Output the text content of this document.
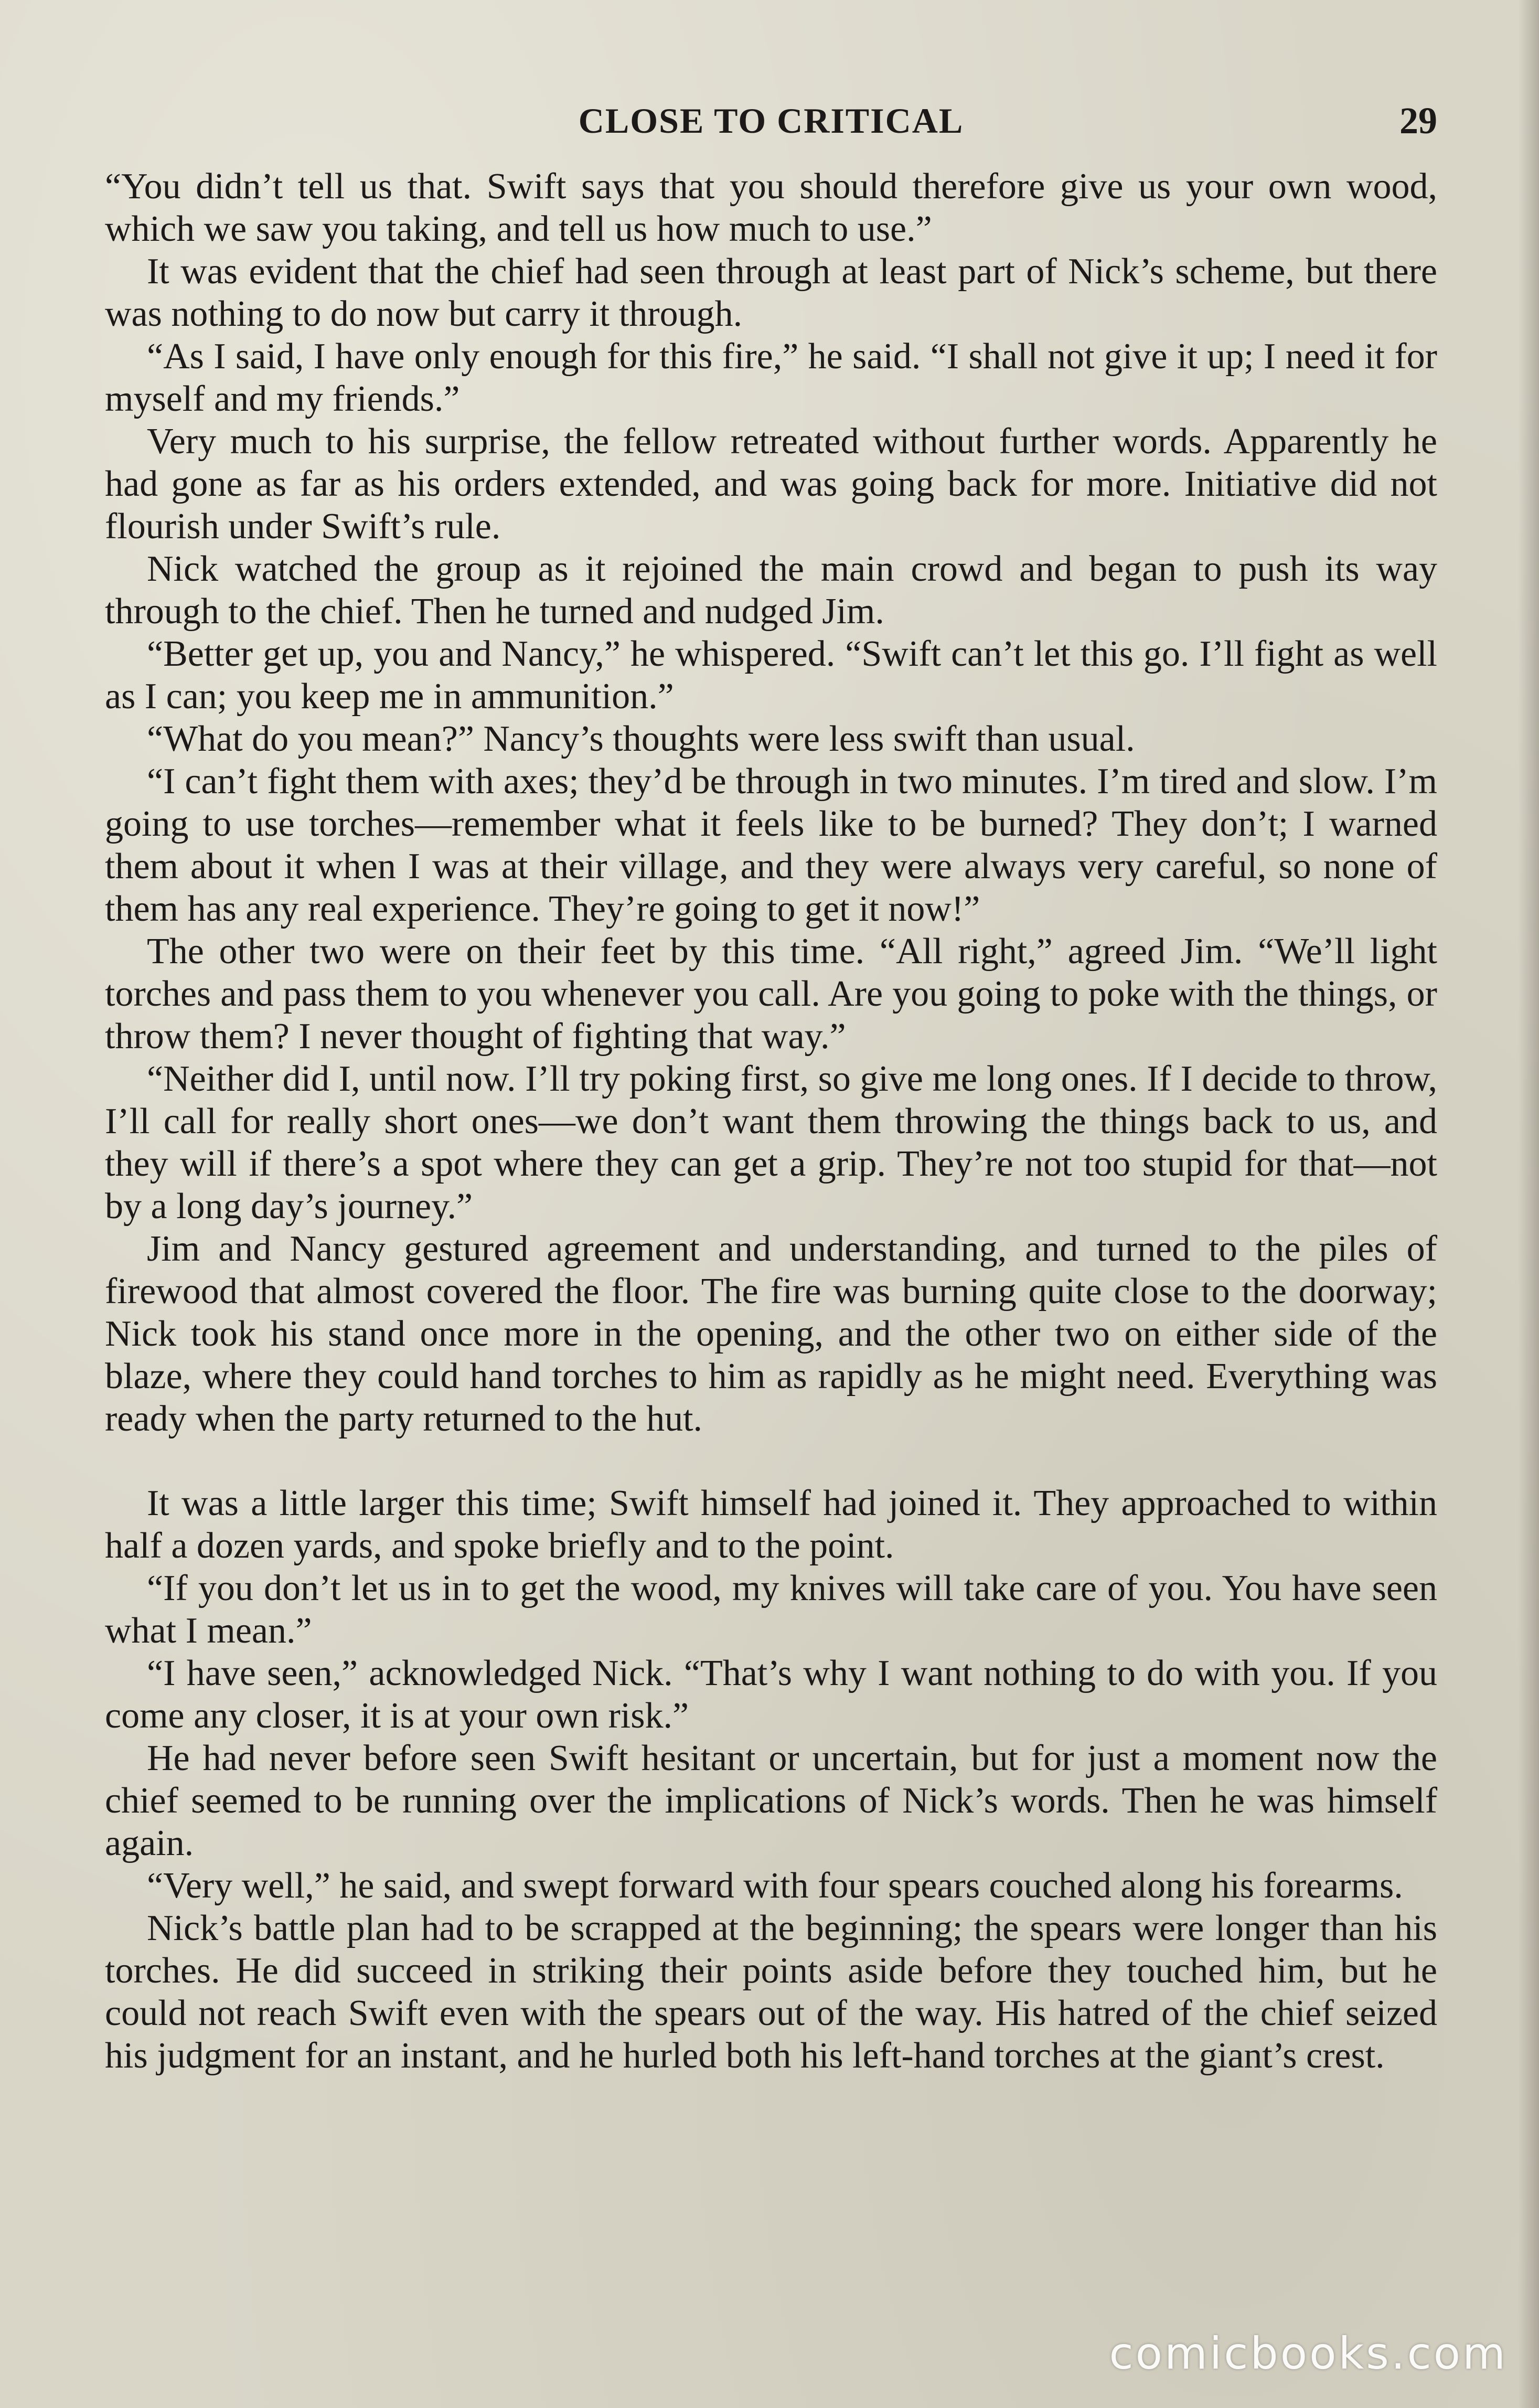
CLOSE TO CRITICAL	29

“You didn’t tell us that. Swift says that you should therefore give us your own wood, which we saw you taking, and tell us how much to use.”

It was evident that the chief had seen through at least part of Nick’s scheme, but there was nothing to do now but carry it through.

“As I said, I have only enough for this fire,” he said. “I shall not give it up; I need it for myself and my friends.”

Very much to his surprise, the fellow retreated without further words. Apparently he had gone as far as his orders extended, and was going back for more. Initiative did not flourish under Swift’s rule.

Nick watched the group as it rejoined the main crowd and began to push its way through to the chief. Then he turned and nudged Jim.

“Better get up, you and Nancy,” he whispered. “Swift can’t let this go. I’ll fight as well as I can; you keep me in ammunition.”

“What do you mean?” Nancy’s thoughts were less swift than usual.

“I can’t fight them with axes; they’d be through in two minutes. I’m tired and slow. I’m going to use torches—remember what it feels like to be burned? They don’t; I warned them about it when I was at their village, and they were always very careful, so none of them has any real experience. They’re going to get it now!”

The other two were on their feet by this time. “All right,” agreed Jim. “We’ll light torches and pass them to you whenever you call. Are you going to poke with the things, or throw them? I never thought of fighting that way.”

“Neither did I, until now. I’ll try poking first, so give me long ones. If I decide to throw, I’ll call for really short ones—we don’t want them throwing the things back to us, and they will if there’s a spot where they can get a grip. They’re not too stupid for that—not by a long day’s journey.”

Jim and Nancy gestured agreement and understanding, and turned to the piles of firewood that almost covered the floor. The fire was burning quite close to the doorway; Nick took his stand once more in the opening, and the other two on either side of the blaze, where they could hand torches to him as rapidly as he might need. Everything was ready when the party returned to the hut.

It was a little larger this time; Swift himself had joined it. They approached to within half a dozen yards, and spoke briefly and to the point.

“If you don’t let us in to get the wood, my knives will take care of you. You have seen what I mean.”

“I have seen,” acknowledged Nick. “That’s why I want nothing to do with you. If you come any closer, it is at your own risk.”

He had never before seen Swift hesitant or uncertain, but for just a moment now the chief seemed to be running over the implications of Nick’s words. Then he was himself again.

“Very well,” he said, and swept forward with four spears couched along his forearms.

Nick’s battle plan had to be scrapped at the beginning; the spears were longer than his torches. He did succeed in striking their points aside before they touched him, but he could not reach Swift even with the spears out of the way. His hatred of the chief seized his judgment for an instant, and he hurled both his left-hand torches at the giant’s crest.

comicbooks.com
